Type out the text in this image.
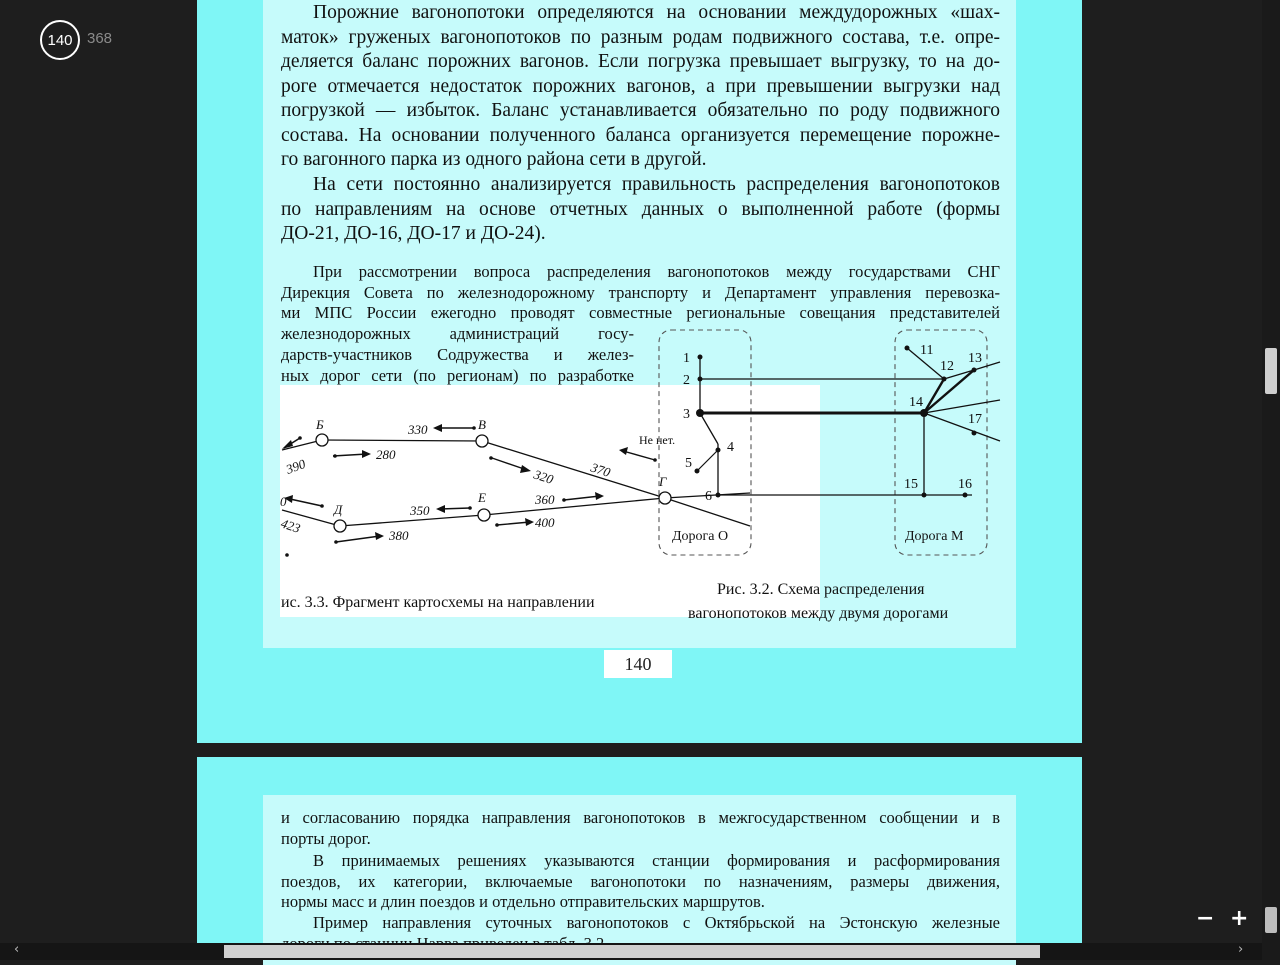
140 368
Порожние вагонопотоки определяются на основании междудорожных «шах-
маток» груженых вагонопотоков по разным родам подвижного состава, т.е. опре-
деляется баланс порожних вагонов. Если погрузка превышает выгрузку, то на до-
роге отмечается недостаток порожних вагонов, а при превышении выгрузки над
погрузкой — избыток. Баланс устанавливается обязательно по роду подвижного
состава. На основании полученного баланса организуется перемещение порожне-
го вагонного парка из одного района сети в другой.
На сети постоянно анализируется правильность распределения вагонопотоков
по направлениям на основе отчетных данных о выполненной работе (формы
ДО-21, ДО-16, ДО-17 и ДО-24).
При рассмотрении вопроса распределения вагонопотоков между государствами СНГ
Дирекция Совета по железнодорожному транспорту и Департамент управления перевозка-
ми МПС России ежегодно проводят совместные региональные совещания представителей
железнодорожных администраций госу-
дарств-участников Содружества и желез-
ных дорог сети (по регионам) по разработке
ис. 3.3. Фрагмент картосхемы на направлении
Б	В
Д
Е
Г
390
280
330
320	370
360
400
350
380
423
0
Не нет.
1
2
3
4
5
6
11
12
13
14
15	16
17
Дорога О	Дорога М
Рис. 3.2. Схема распределения
вагонопотоков между двумя дорогами
140
и согласованию порядка направления вагонопотоков в межгосударственном сообщении и в
порты дорог.
В принимаемых решениях указываются станции формирования и расформирования
поездов, их категории, включаемые вагонопотоки по назначениям, размеры движения,
нормы масс и длин поездов и отдельно отправительских маршрутов.
Пример направления суточных вагонопотоков с Октябрьской на Эстонскую железные
‹	›
− +
